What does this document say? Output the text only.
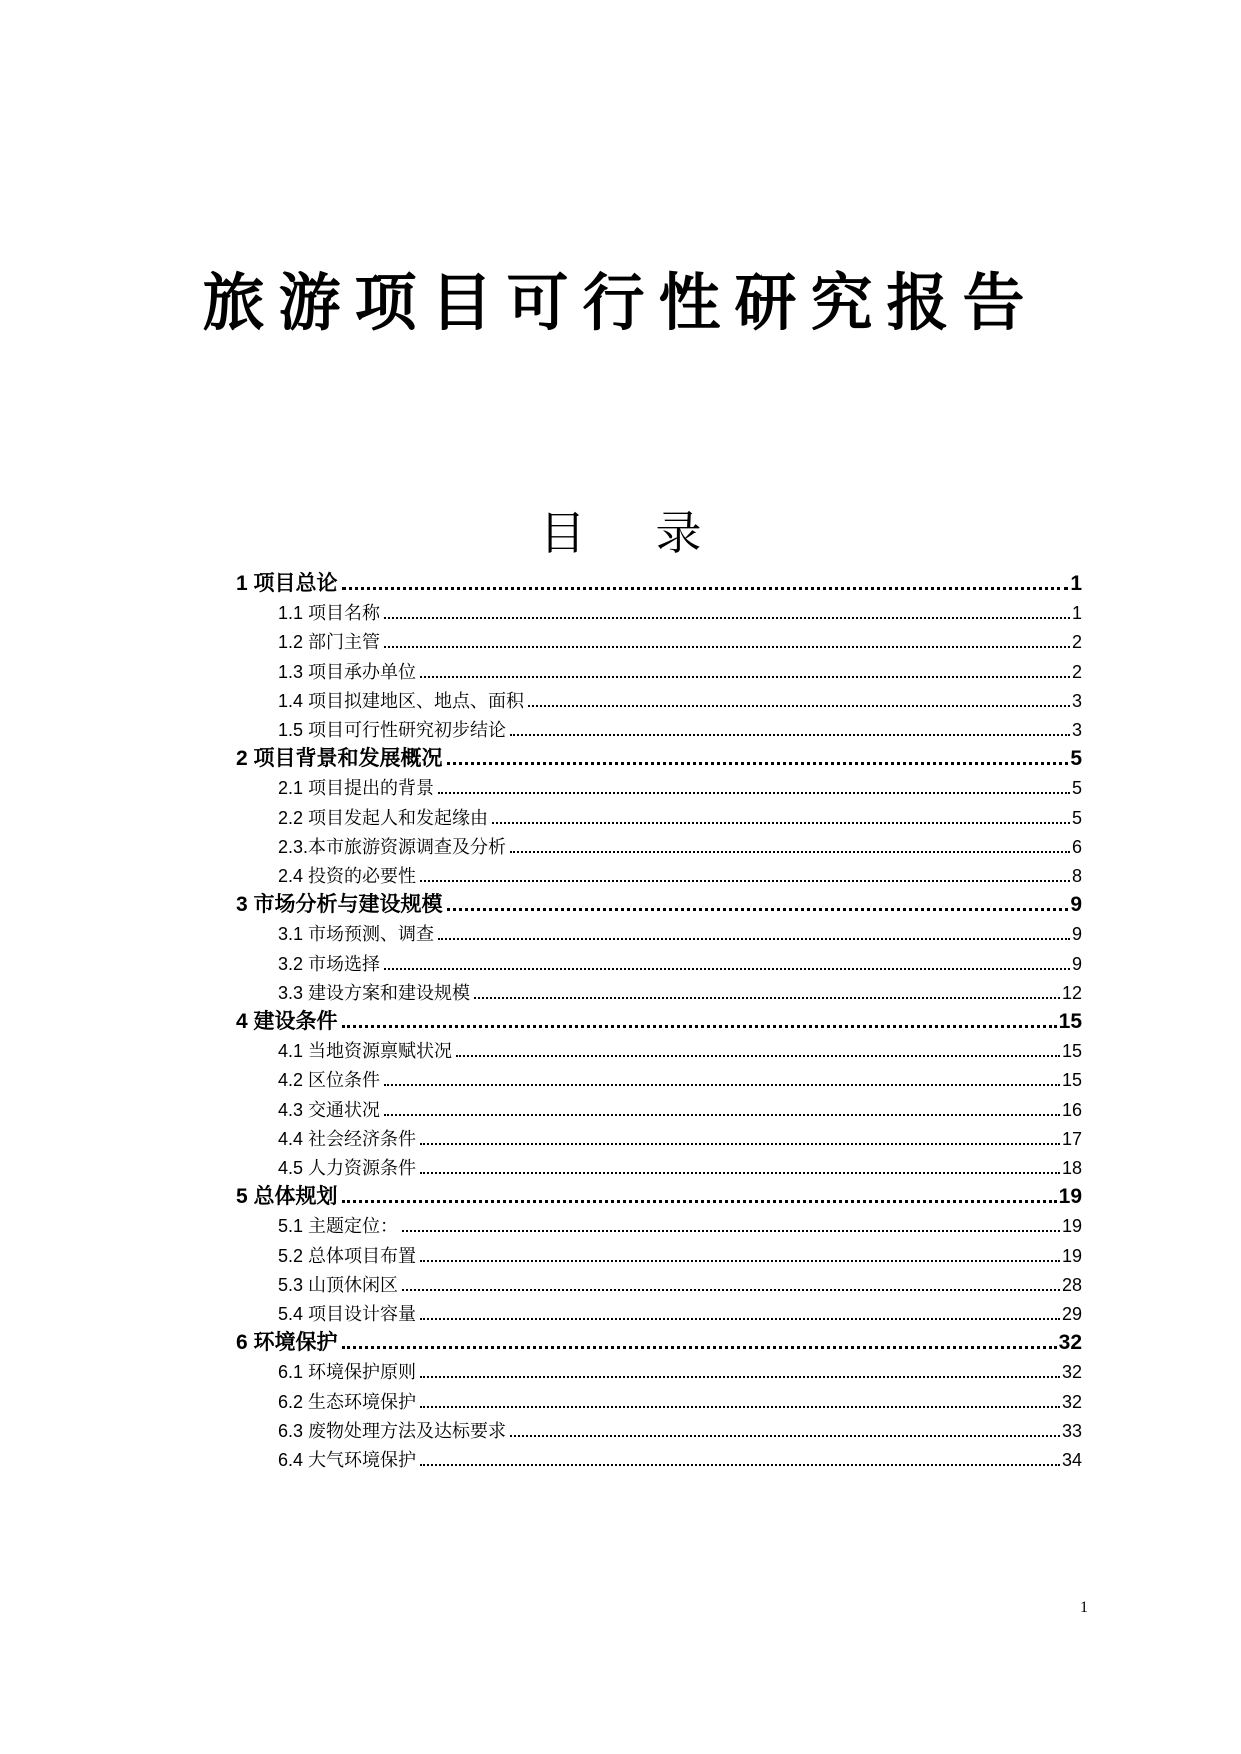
旅游项目可行性研究报告
目录
1 项目总论	1
1.1 项目名称	1
1.2 部门主管	2
1.3 项目承办单位	2
1.4 项目拟建地区、地点、面积	3
1.5 项目可行性研究初步结论	3
2 项目背景和发展概况	5
2.1 项目提出的背景	5
2.2 项目发起人和发起缘由	5
2.3.本市旅游资源调查及分析	6
2.4 投资的必要性	8
3 市场分析与建设规模	9
3.1 市场预测、调查	9
3.2 市场选择	9
3.3 建设方案和建设规模	12
4 建设条件	15
4.1 当地资源禀赋状况	15
4.2 区位条件	15
4.3 交通状况	16
4.4 社会经济条件	17
4.5 人力资源条件	18
5 总体规划	19
5.1 主题定位：	19
5.2 总体项目布置	19
5.3 山顶休闲区	28
5.4 项目设计容量	29
6 环境保护	32
6.1 环境保护原则	32
6.2 生态环境保护	32
6.3 废物处理方法及达标要求	33
6.4 大气环境保护	34
1
